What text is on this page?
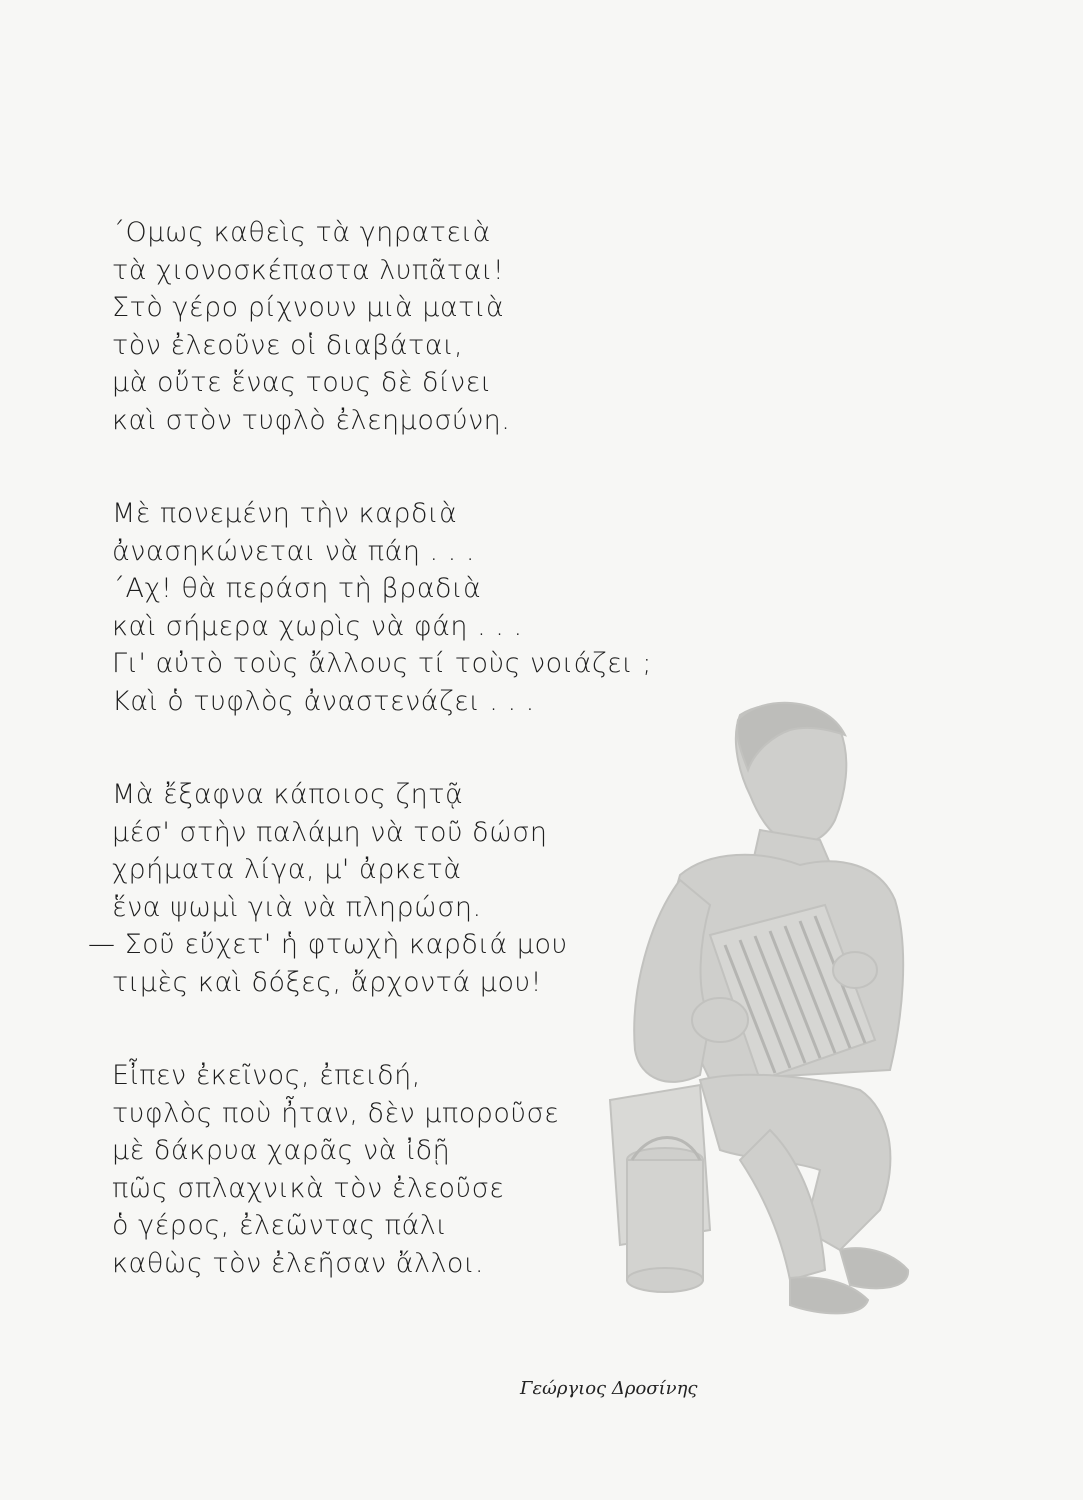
΄Ομως καθεὶς τὰ γηρατειὰ
τὰ χιονοσκέπαστα λυπᾶται!
Στὸ γέρο ρίχνουν μιὰ ματιὰ
τὸν ἐλεοῦνε οἱ διαβάται,
μὰ οὔτε ἕνας τους δὲ δίνει
καὶ στὸν τυφλὸ ἐλεημοσύνη.
Μὲ πονεμένη τὴν καρδιὰ
ἀνασηκώνεται νὰ πάη . . .
΄Αχ! θὰ περάση τὴ βραδιὰ
καὶ σήμερα χωρὶς νὰ φάη . . .
Γι' αὐτὸ τοὺς ἄλλους τί τοὺς νοιάζει ;
Καὶ ὁ τυφλὸς ἀναστενάζει . . .
Μὰ ἔξαφνα κάποιος ζητᾷ
μέσ' στὴν παλάμη νὰ τοῦ δώση
χρήματα λίγα, μ' ἀρκετὰ
ἕνα ψωμὶ γιὰ νὰ πληρώση.
— Σοῦ εὔχετ' ἡ φτωχὴ καρδιά μου
τιμὲς καὶ δόξες, ἄρχοντά μου!
Εἶπεν ἐκεῖνος, ἐπειδή,
τυφλὸς ποὺ ἦταν, δὲν μποροῦσε
μὲ δάκρυα χαρᾶς νὰ ἰδῇ
πῶς σπλαχνικὰ τὸν ἐλεοῦσε
ὁ γέρος, ἐλεῶντας πάλι
καθὼς τὸν ἐλεῆσαν ἄλλοι.
Γεώργιος Δροσίνης
